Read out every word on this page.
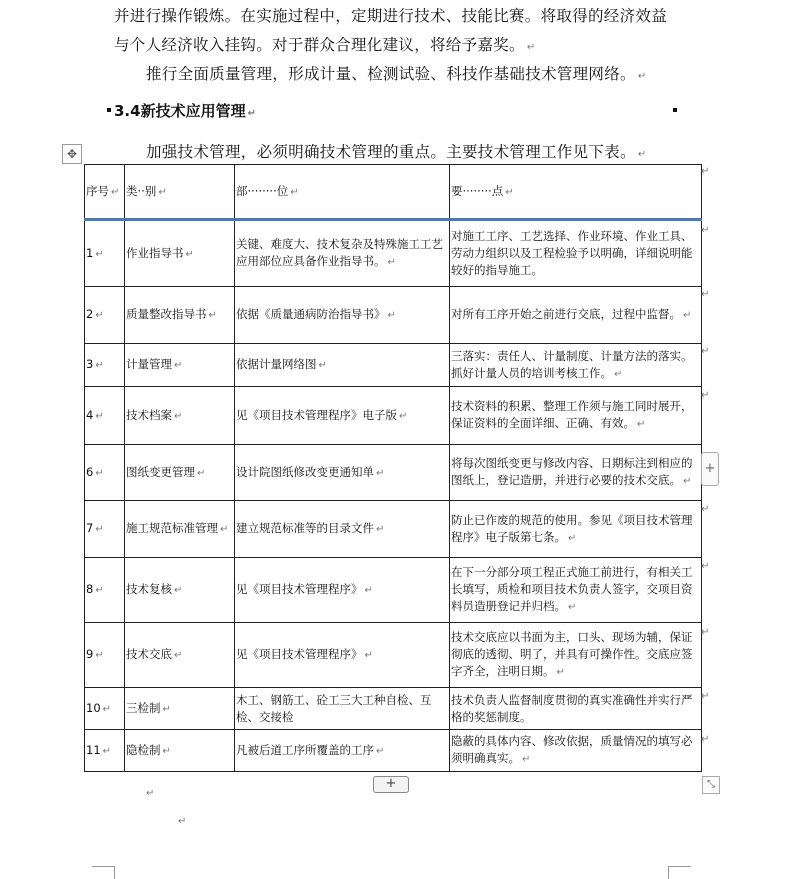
并进行操作锻炼。在实施过程中，定期进行技术、技能比赛。将取得的经济效益
与个人经济收入挂钩。对于群众合理化建议，将给予嘉奖。 ↵
推行全面质量管理，形成计量、检测试验、科技作基础技术管理网络。 ↵
3.4新技术应用管理 ↵
✥	加强技术管理，必须明确技术管理的重点。主要技术管理工作见下表。 ↵
序号 ↵	类··别 ↵	部········位 ↵	要········点 ↵
1 ↵	作业指导书 ↵	关键、难度大、技术复杂及特殊施工工艺应用部位应具备作业指导书。 ↵	对施工工序、工艺选择、作业环境、作业工具、劳动力组织以及工程检验予以明确，详细说明能较好的指导施工。
2 ↵	质量整改指导书 ↵	依据《质量通病防治指导书》 ↵	对所有工序开始之前进行交底，过程中监督。 ↵
3 ↵	计量管理 ↵	依据计量网络图 ↵	三落实：责任人、计量制度、计量方法的落实。抓好计量人员的培训考核工作。 ↵
4 ↵	技术档案 ↵	见《项目技术管理程序》电子版 ↵	技术资料的积累、整理工作须与施工同时展开，保证资料的全面详细、正确、有效。 ↵
6 ↵	图纸变更管理 ↵	设计院图纸修改变更通知单 ↵	将每次图纸变更与修改内容、日期标注到相应的图纸上，登记造册，并进行必要的技术交底。 ↵
7 ↵	施工规范标准管理 ↵	建立规范标准等的目录文件 ↵	防止已作废的规范的使用。参见《项目技术管理程序》电子版第七条。 ↵
8 ↵	技术复核 ↵	见《项目技术管理程序》 ↵	在下一分部分项工程正式施工前进行，有相关工长填写，质检和项目技术负责人签字，交项目资料员造册登记并归档。 ↵
9 ↵	技术交底 ↵	见《项目技术管理程序》 ↵	技术交底应以书面为主，口头、现场为辅，保证彻底的透彻、明了，并具有可操作性。交底应签字齐全，注明日期。 ↵
10 ↵	三检制 ↵	木工、钢筋工、砼工三大工种自检、互检、交接检	技术负责人监督制度贯彻的真实准确性并实行严格的奖惩制度。
11 ↵	隐检制 ↵	凡被后道工序所覆盖的工序 ↵	隐蔽的具体内容、修改依据，质量情况的填写必须明确真实。 ↵
↵
↵
↵
↵
↵
↵
↵
↵
↵
↵
+
+	⤡
↵
↵
